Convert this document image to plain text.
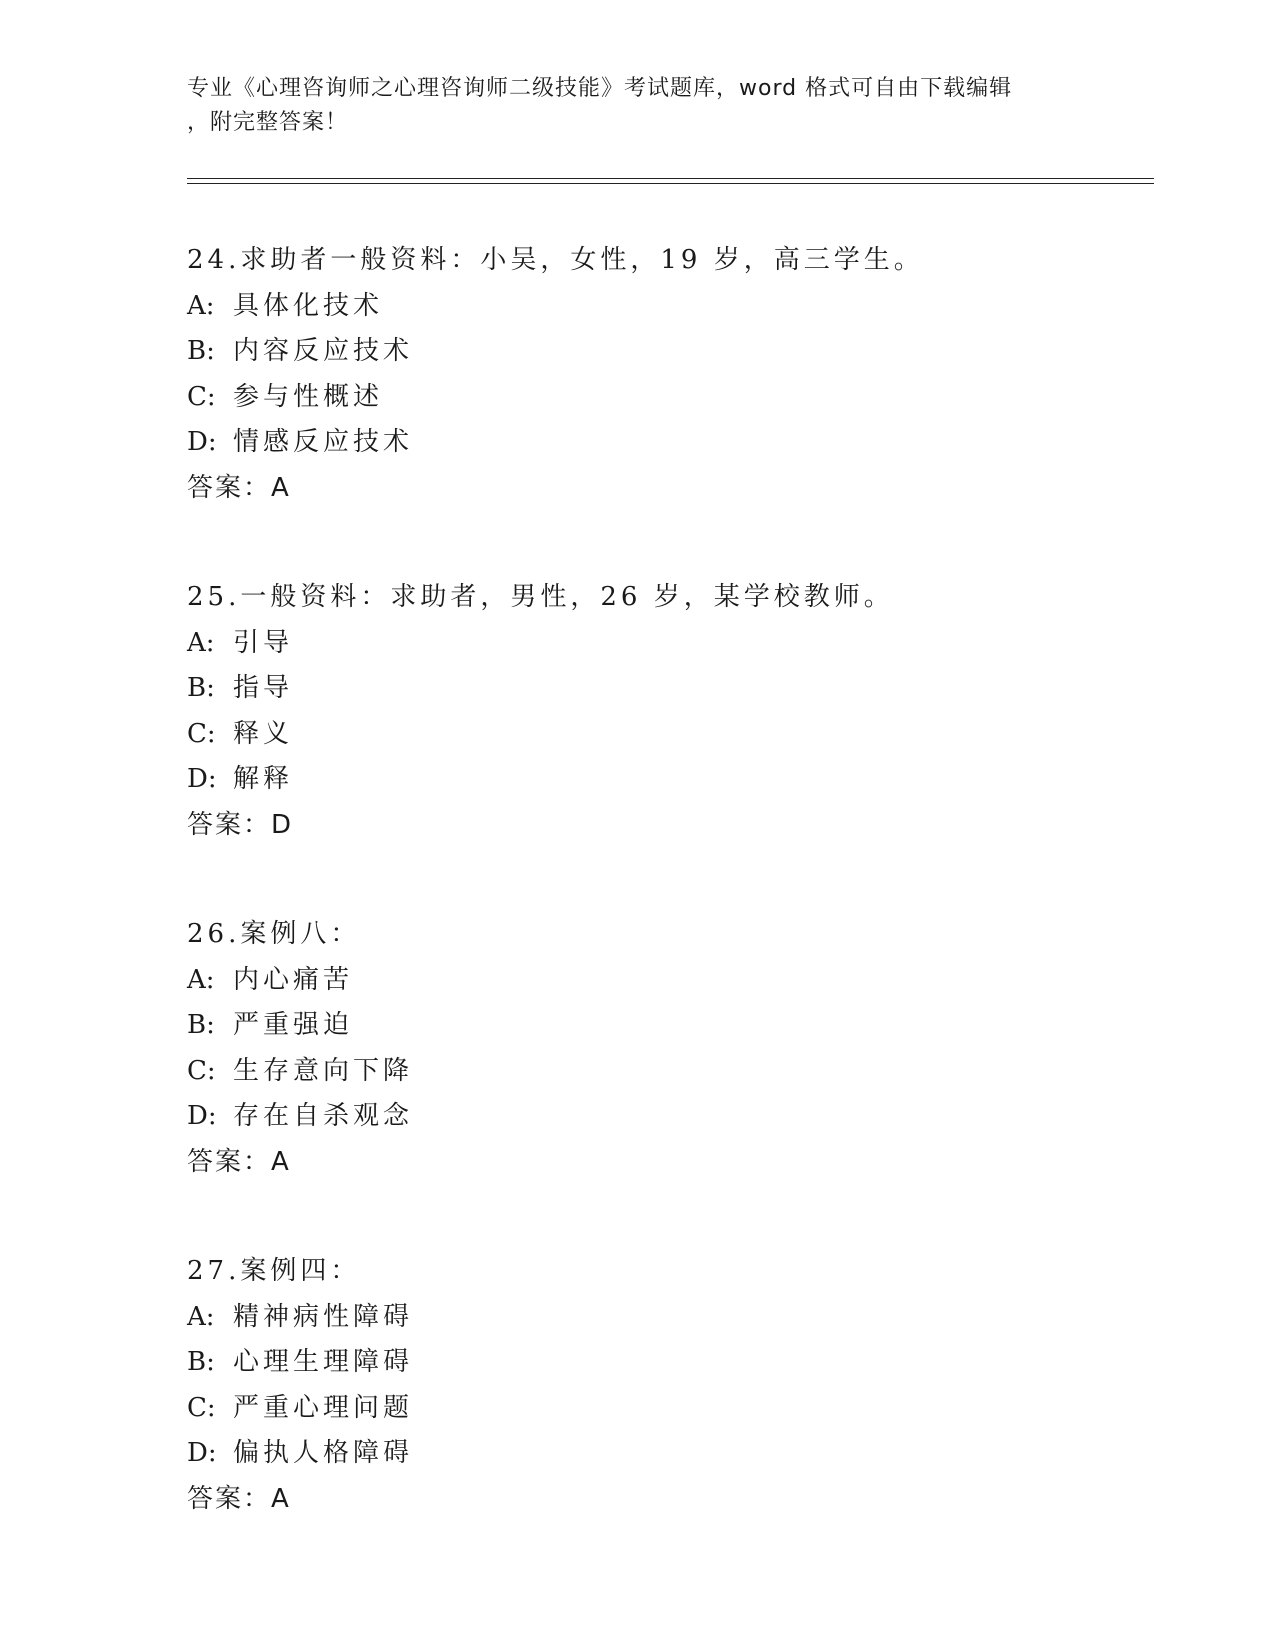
专业《心理咨询师之心理咨询师二级技能》考试题库，word 格式可自由下载编辑
，附完整答案！
24.求助者一般资料：小吴，女性，19 岁，高三学生。
A: 具体化技术
B: 内容反应技术
C: 参与性概述
D: 情感反应技术
答案：A
25.一般资料：求助者，男性，26 岁，某学校教师。
A: 引导
B: 指导
C: 释义
D: 解释
答案：D
26.案例八：
A: 内心痛苦
B: 严重强迫
C: 生存意向下降
D: 存在自杀观念
答案：A
27.案例四：
A: 精神病性障碍
B: 心理生理障碍
C: 严重心理问题
D: 偏执人格障碍
答案：A
